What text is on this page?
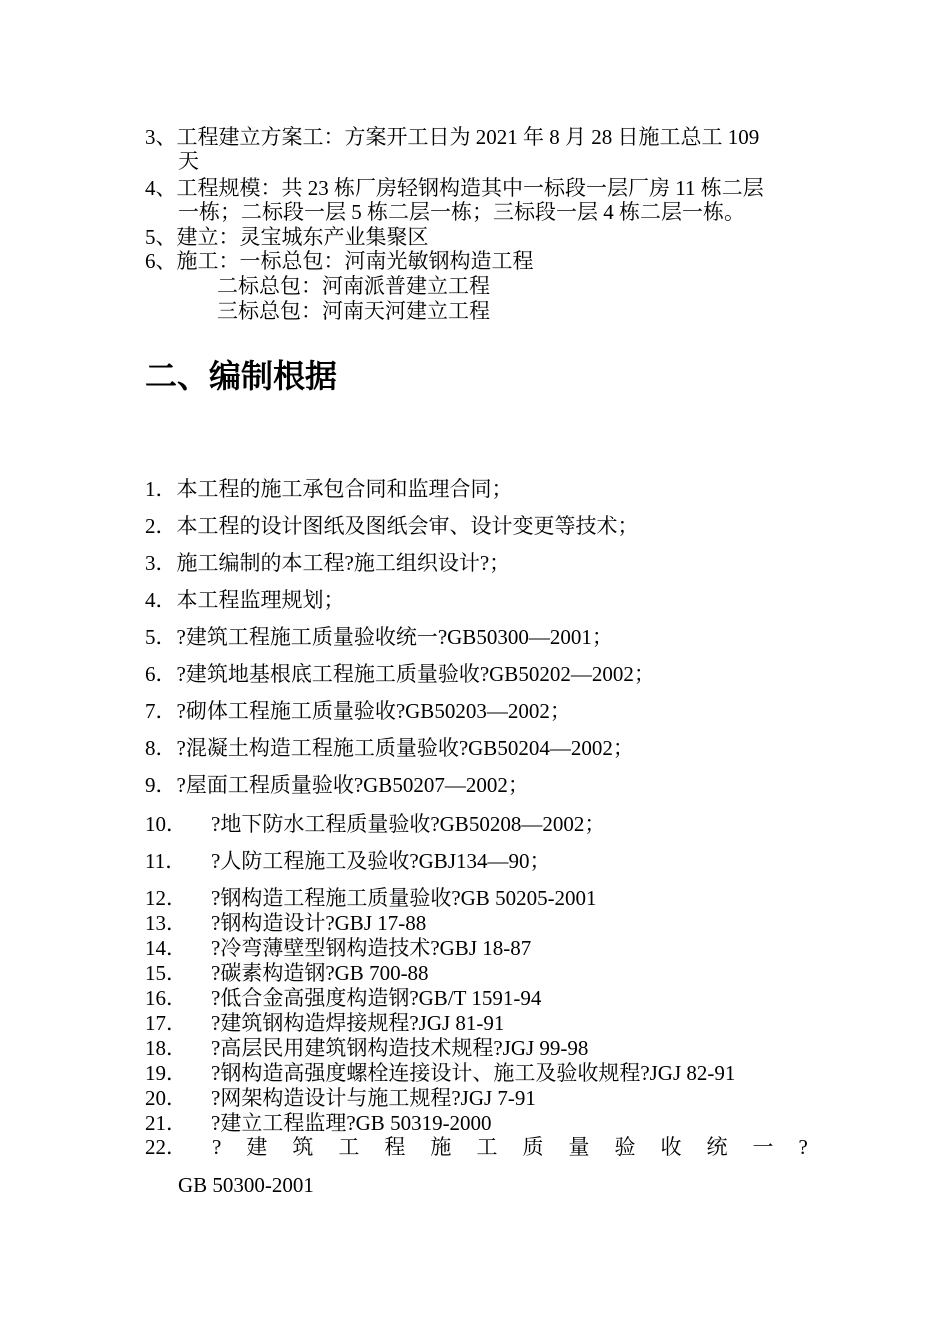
3、工程建立方案工：方案开工日为 2021 年 8 月 28 日施工总工 109
天
4、工程规模：共 23 栋厂房轻钢构造其中一标段一层厂房 11 栋二层
一栋；二标段一层 5 栋二层一栋；三标段一层 4 栋二层一栋。
5、建立：灵宝城东产业集聚区
6、施工：一标总包：河南光敏钢构造工程
二标总包：河南派普建立工程
三标总包：河南天河建立工程
二、编制根据
1．本工程的施工承包合同和监理合同；
2．本工程的设计图纸及图纸会审、设计变更等技术；
3．施工编制的本工程?施工组织设计?；
4．本工程监理规划；
5．?建筑工程施工质量验收统一?GB50300—2001；
6．?建筑地基根底工程施工质量验收?GB50202—2002；
7．?砌体工程施工质量验收?GB50203—2002；
8．?混凝土构造工程施工质量验收?GB50204—2002；
9．?屋面工程质量验收?GB50207—2002；
10． ?地下防水工程质量验收?GB50208—2002；
11． ?人防工程施工及验收?GBJ134—90；
12． ?钢构造工程施工质量验收?GB 50205-2001
13． ?钢构造设计?GBJ 17-88
14． ?冷弯薄壁型钢构造技术?GBJ 18-87
15． ?碳素构造钢?GB 700-88
16． ?低合金高强度构造钢?GB/T 1591-94
17． ?建筑钢构造焊接规程?JGJ 81-91
18． ?高层民用建筑钢构造技术规程?JGJ 99-98
19． ?钢构造高强度螺栓连接设计、施工及验收规程?JGJ 82-91
20． ?网架构造设计与施工规程?JGJ 7-91
21． ?建立工程监理?GB 50319-2000
22． ? 建 筑 工 程 施 工 质 量 验 收 统 一 ?
GB 50300-2001
